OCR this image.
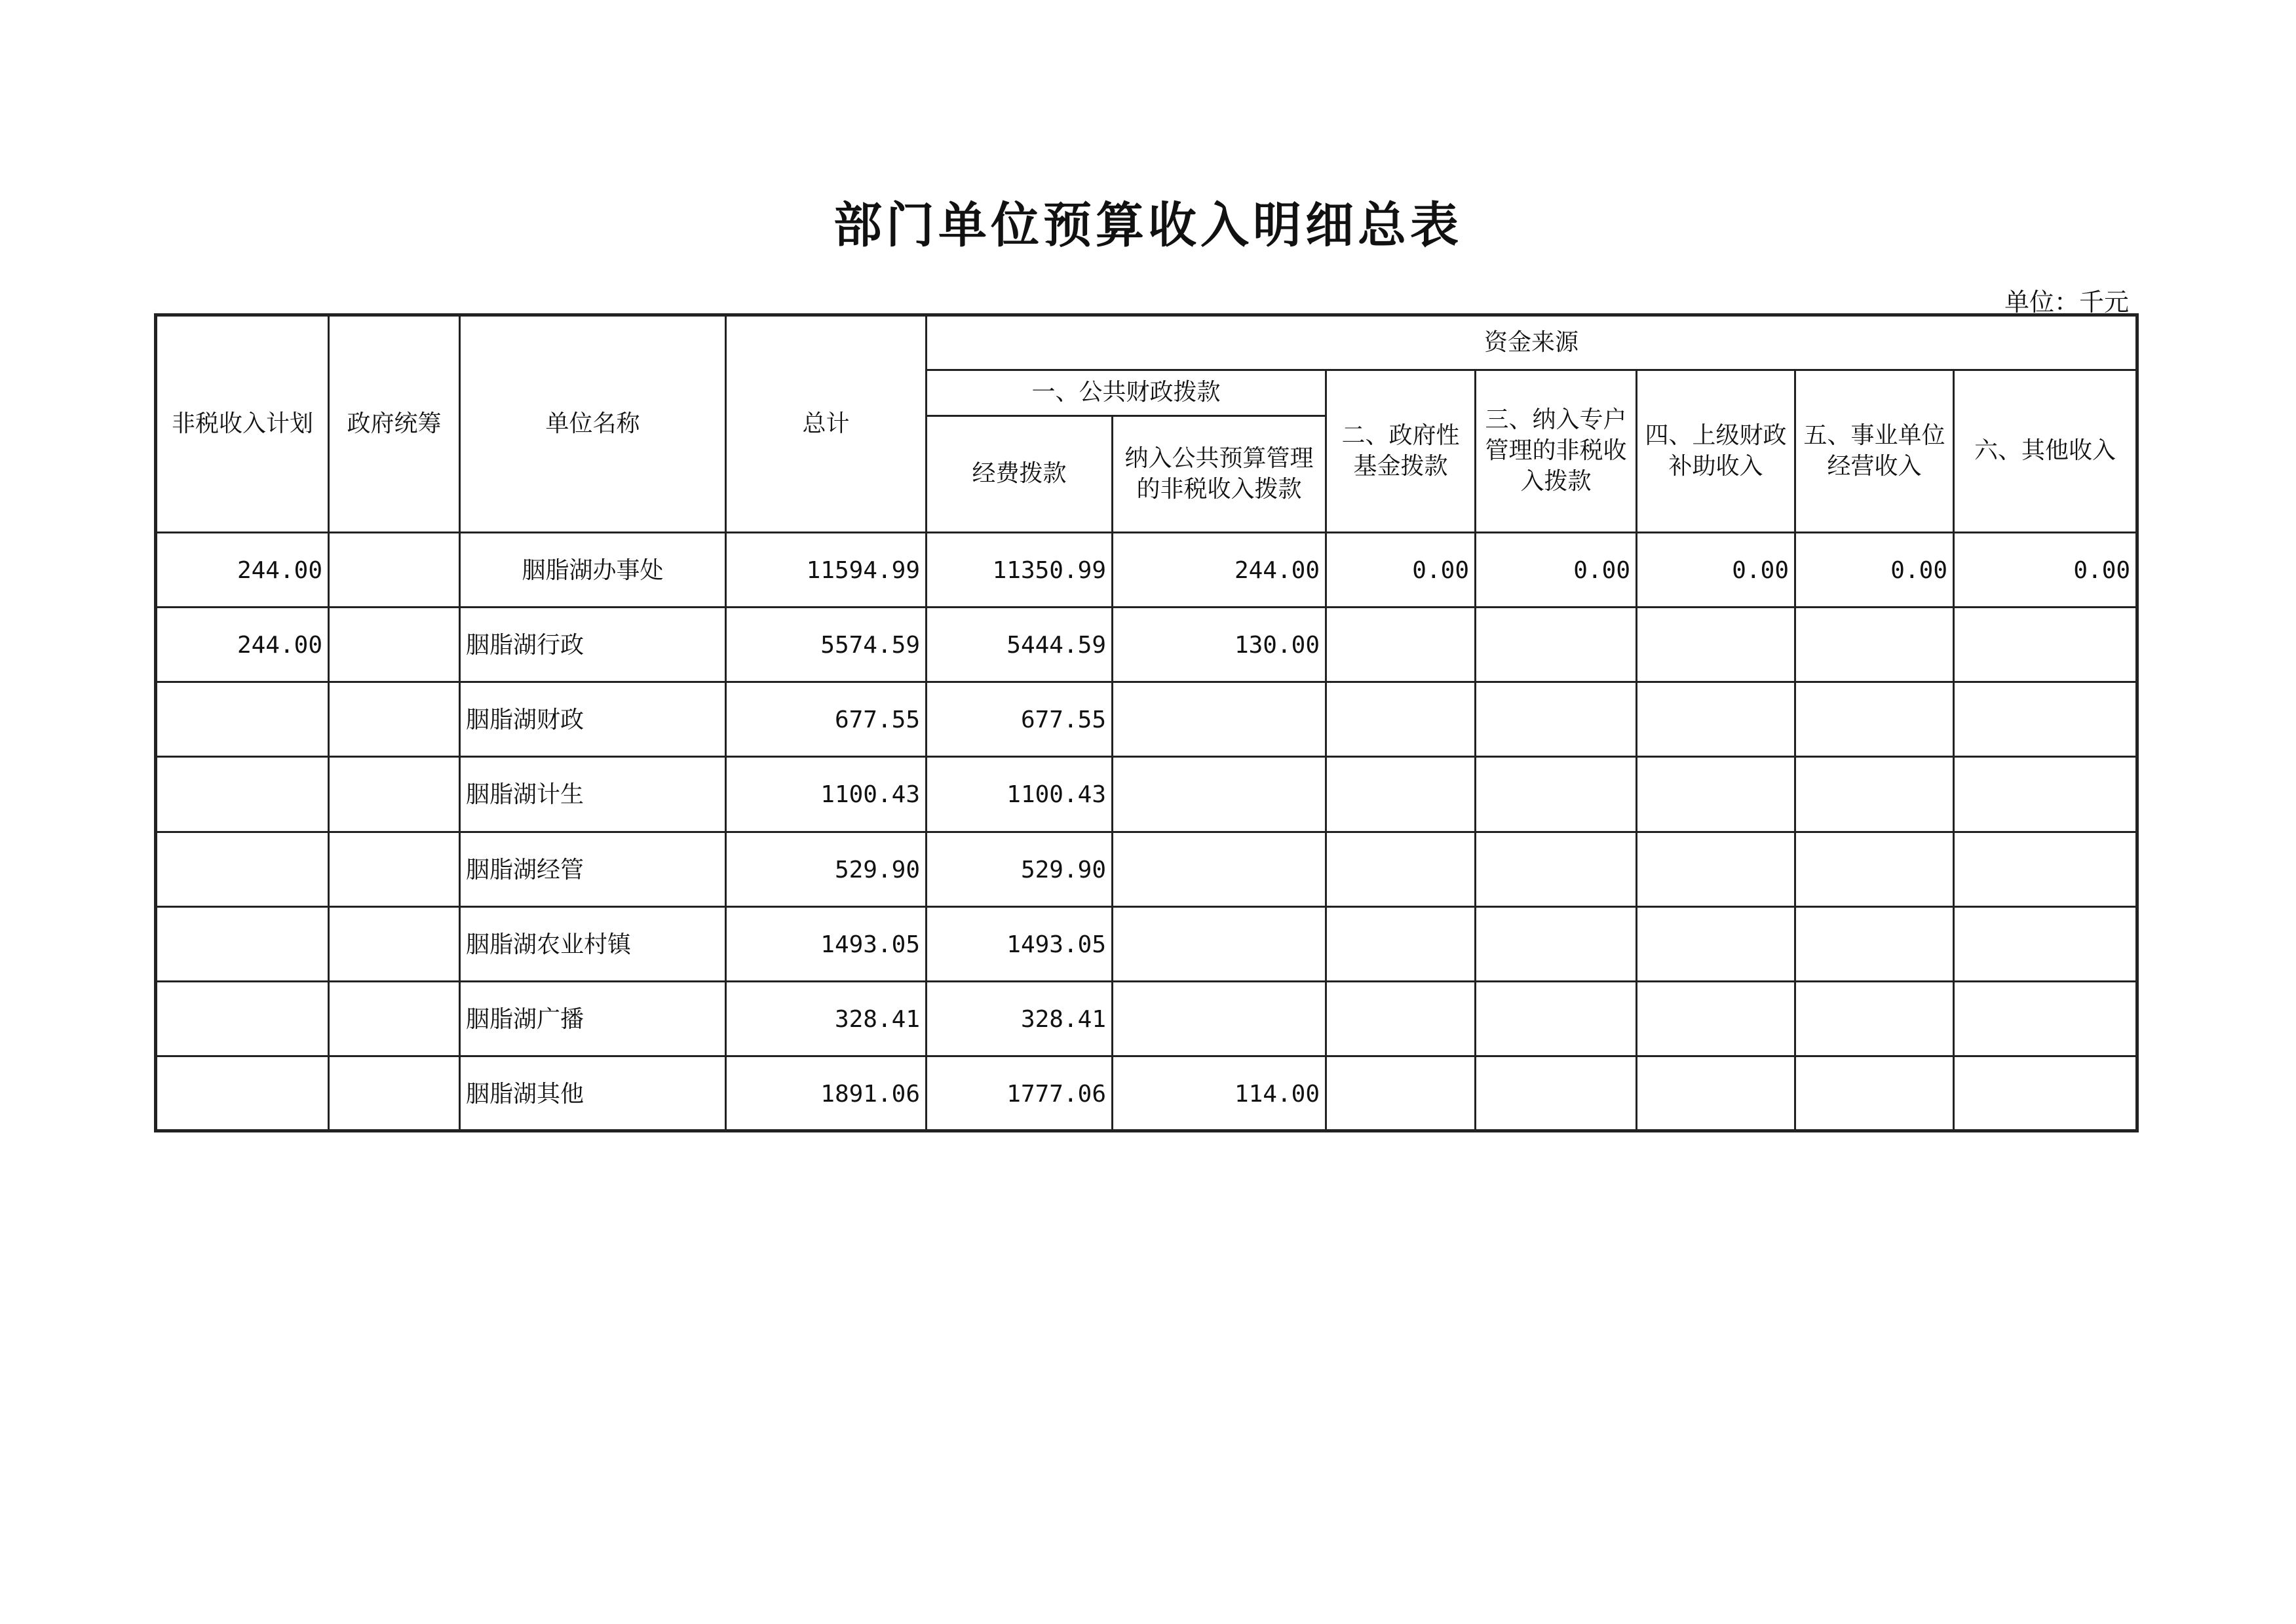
部门单位预算收入明细总表
单位：千元
非税收入计划	政府统筹	单位名称	总计	资金来源						
				一、公共财政拨款		二、政府性基金拨款	三、纳入专户管理的非税收入拨款	四、上级财政补助收入	五、事业单位经营收入	六、其他收入
				经费拨款	纳入公共预算管理的非税收入拨款					
244.00		胭脂湖办事处	11594.99	11350.99	244.00	0.00	0.00	0.00	0.00	0.00
244.00		胭脂湖行政	5574.59	5444.59	130.00					
		胭脂湖财政	677.55	677.55						
		胭脂湖计生	1100.43	1100.43						
		胭脂湖经管	529.90	529.90						
		胭脂湖农业村镇	1493.05	1493.05						
		胭脂湖广播	328.41	328.41						
		胭脂湖其他	1891.06	1777.06	114.00					
